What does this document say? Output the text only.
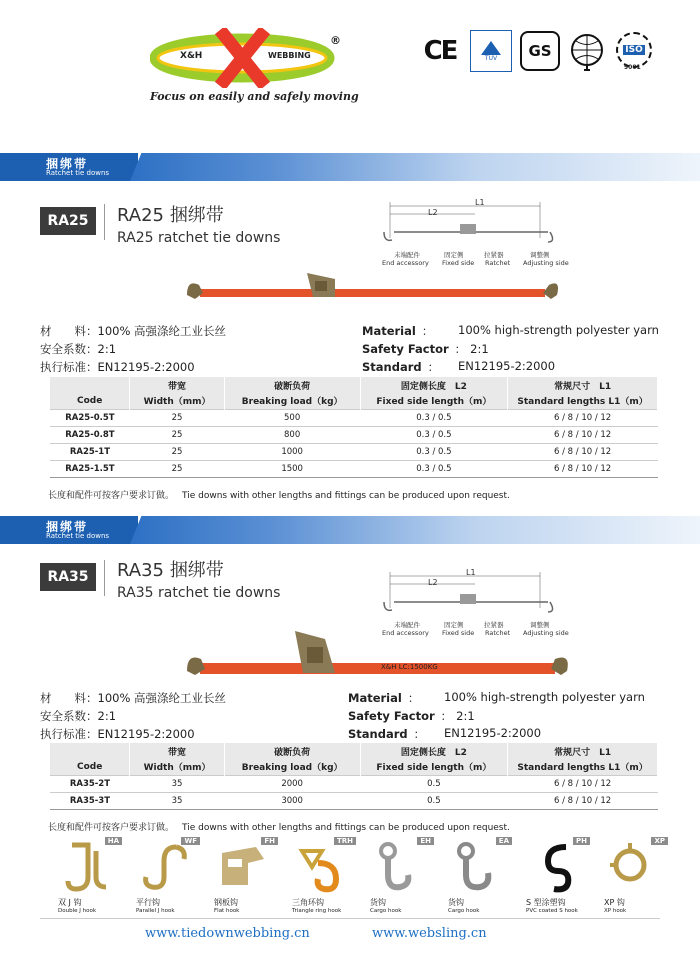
X&H	WEBBING
®
Focus on easily and safely moving
CE	TÜV GS	ISO
9001
捆绑带
Ratchet tie downs
RA25	RA25 捆绑带
RA25 ratchet tie downs
L1
L2
末端配件	固定侧	拉紧器	调整侧
End accessory Fixed side Ratchet Adjusting side
材　　料：100% 高强涤纶工业长丝
安全系数：2:1
执行标准：EN12195-2:2000
Material ： 100% high-strength polyester yarn
Safety Factor ： 2:1
Standard ： EN12195-2:2000
	带宽	破断负荷	固定侧长度　L2	常规尺寸　L1
Code	Width（mm）	Breaking load（kg）	Fixed side length（m）	Standard lengths L1（m）
RA25-0.5T	25	500	0.3 / 0.5	6 / 8 / 10 / 12
RA25-0.8T	25	800	0.3 / 0.5	6 / 8 / 10 / 12
RA25-1T	25	1000	0.3 / 0.5	6 / 8 / 10 / 12
RA25-1.5T	25	1500	0.3 / 0.5	6 / 8 / 10 / 12
长度和配件可按客户要求订做。 Tie downs with other lengths and fittings can be produced upon request.
捆绑带
Ratchet tie downs
RA35	RA35 捆绑带
RA35 ratchet tie downs
L1
L2
末端配件	固定侧	拉紧器	调整侧
End accessory Fixed side Ratchet Adjusting side
X&H LC:1500KG
材　　料：100% 高强涤纶工业长丝
安全系数：2:1
执行标准：EN12195-2:2000
Material ： 100% high-strength polyester yarn
Safety Factor ： 2:1
Standard ： EN12195-2:2000
	带宽	破断负荷	固定侧长度　L2	常规尺寸　L1
Code	Width（mm）	Breaking load（kg）	Fixed side length（m）	Standard lengths L1（m）
RA35-2T	35	2000	0.5	6 / 8 / 10 / 12
RA35-3T	35	3000	0.5	6 / 8 / 10 / 12
长度和配件可按客户要求订做。 Tie downs with other lengths and fittings can be produced upon request.
HA
双 J 钩
Double J hook
WF
平行钩
Parallel J hook
FH
钢板钩
Flat hook
TRH
三角环钩
Triangle ring hook
EH
货钩
Cargo hook
EA
货钩
Cargo hook
PH
S 型涂塑钩
PVC coated S hook
XP
XP 钩
XP hook
www.tiedownwebbing.cn	www.websling.cn
